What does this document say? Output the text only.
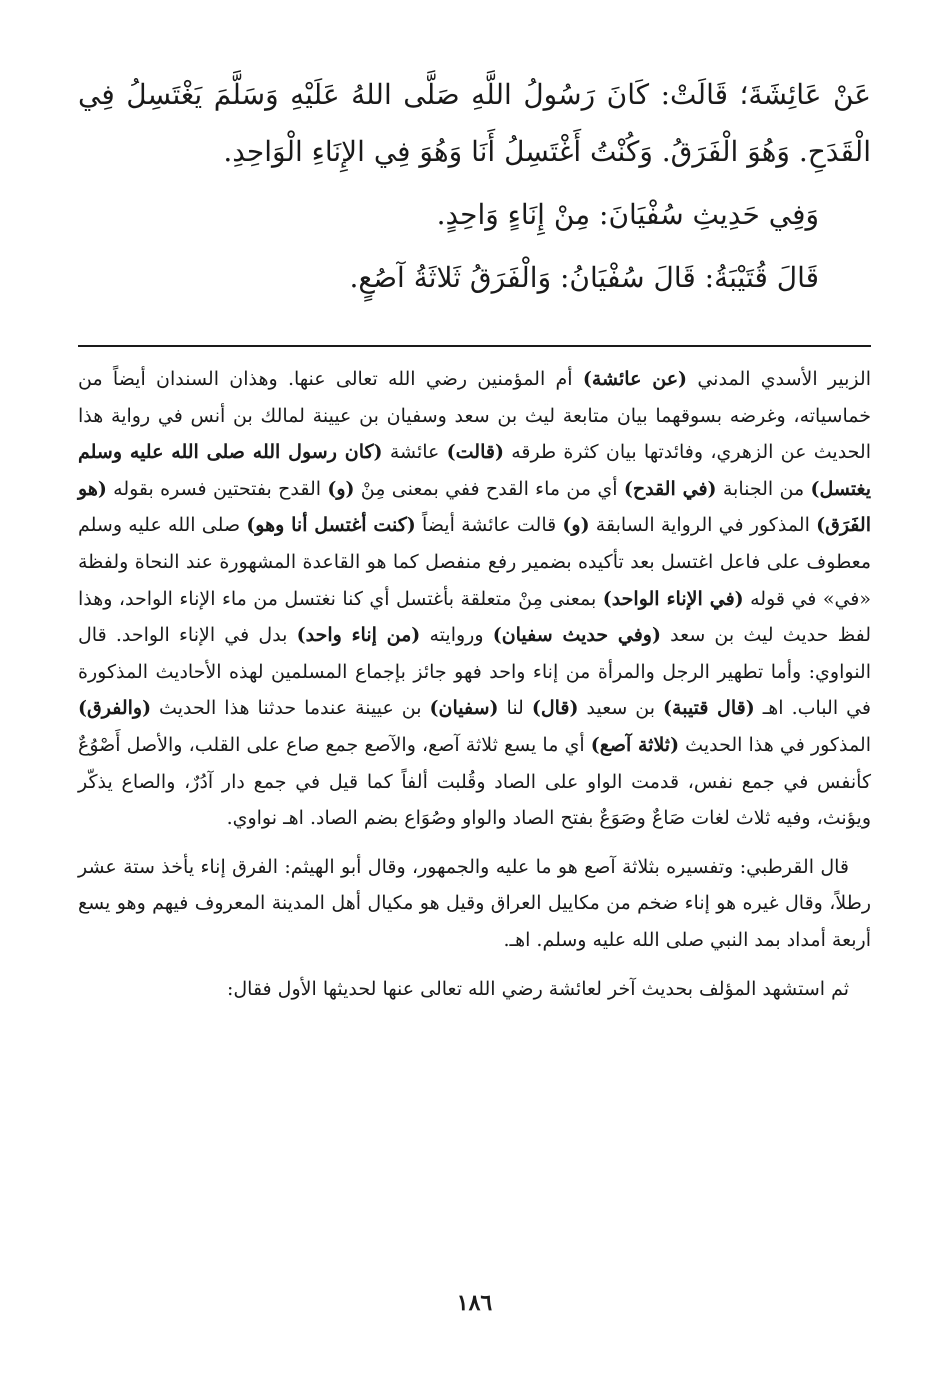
عَنْ عَائِشَةَ؛ قَالَتْ: كَانَ رَسُولُ اللَّهِ صَلَّى اللهُ عَلَيْهِ وَسَلَّمَ يَغْتَسِلُ فِي الْقَدَحِ. وَهُوَ الْفَرَقُ. وَكُنْتُ أَغْتَسِلُ أَنَا وَهُوَ فِي الإِنَاءِ الْوَاحِدِ.

وَفِي حَدِيثِ سُفْيَانَ: مِنْ إِنَاءٍ وَاحِدٍ.

قَالَ قُتَيْبَةُ: قَالَ سُفْيَانُ: وَالْفَرَقُ ثَلاثَةُ آصُعٍ.

الزبير الأسدي المدني (عن عائشة) أم المؤمنين رضي الله تعالى عنها. وهذان السندان أيضاً من خماسياته، وغرضه بسوقهما بيان متابعة ليث بن سعد وسفيان بن عيينة لمالك بن أنس في رواية هذا الحديث عن الزهري، وفائدتها بيان كثرة طرقه (قالت) عائشة (كان رسول الله صلى الله عليه وسلم يغتسل) من الجنابة (في القدح) أي من ماء القدح ففي بمعنى مِنْ (و) القدح بفتحتين فسره بقوله (هو الفَرَق) المذكور في الرواية السابقة (و) قالت عائشة أيضاً (كنت أغتسل أنا وهو) صلى الله عليه وسلم معطوف على فاعل اغتسل بعد تأكيده بضمير رفع منفصل كما هو القاعدة المشهورة عند النحاة ولفظة «في» في قوله (في الإناء الواحد) بمعنى مِنْ متعلقة بأغتسل أي كنا نغتسل من ماء الإناء الواحد، وهذا لفظ حديث ليث بن سعد (وفي حديث سفيان) وروايته (من إناء واحد) بدل في الإناء الواحد. قال النواوي: وأما تطهير الرجل والمرأة من إناء واحد فهو جائز بإجماع المسلمين لهذه الأحاديث المذكورة في الباب. اهـ (قال قتيبة) بن سعيد (قال) لنا (سفيان) بن عيينة عندما حدثنا هذا الحديث (والفرق) المذكور في هذا الحديث (ثلاثة آصع) أي ما يسع ثلاثة آصع، والآصع جمع صاع على القلب، والأصل أَصْوُعٌ كأنفس في جمع نفس، قدمت الواو على الصاد وقُلبت ألفاً كما قيل في جمع دار آدُرٌ، والصاع يذكّر ويؤنث، وفيه ثلاث لغات صَاعٌ وصَوَعٌ بفتح الصاد والواو وصُوَاع بضم الصاد. اهـ نواوي.

قال القرطبي: وتفسيره بثلاثة آصع هو ما عليه والجمهور، وقال أبو الهيثم: الفرق إناء يأخذ ستة عشر رطلاً، وقال غيره هو إناء ضخم من مكاييل العراق وقيل هو مكيال أهل المدينة المعروف فيهم وهو يسع أربعة أمداد بمد النبي صلى الله عليه وسلم. اهـ.

ثم استشهد المؤلف بحديث آخر لعائشة رضي الله تعالى عنها لحديثها الأول فقال:

١٨٦
